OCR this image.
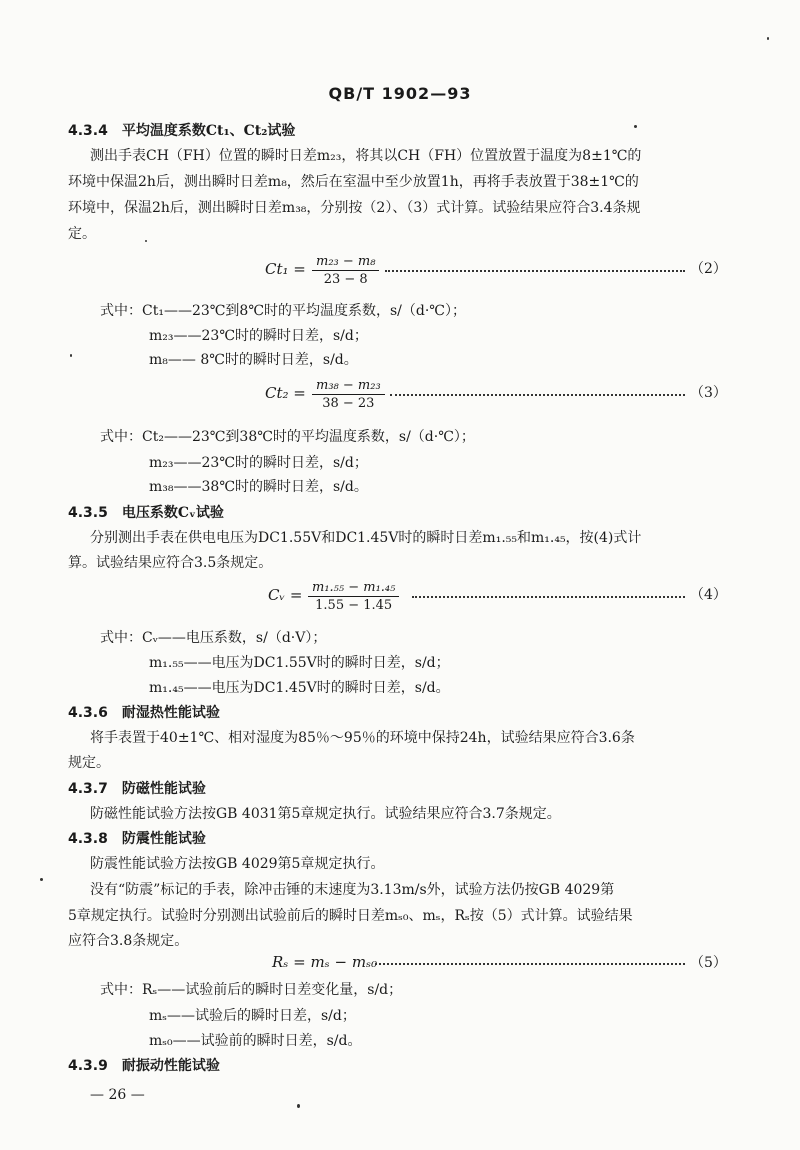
QB/T 1902—93
4.3.4 平均温度系数Ct₁、Ct₂试验
测出手表CH（FH）位置的瞬时日差m₂₃，将其以CH（FH）位置放置于温度为8±1℃的
环境中保温2h后，测出瞬时日差m₈，然后在室温中至少放置1h，再将手表放置于38±1℃的
环境中，保温2h后，测出瞬时日差m₃₈，分别按（2）、（3）式计算。试验结果应符合3.4条规
定。
$Ct_1 = \frac{\text{m₂₃ − m₈}}{23 - 8}$	（2）
式中：Ct₁——23℃到8℃时的平均温度系数，s/（d·℃）；
m₂₃——23℃时的瞬时日差，s/d；
m₈—— 8℃时的瞬时日差，s/d。
$Ct_2 = \frac{\text{m₃₈ − m₂₃}}{38 - 23}$	（3）
式中：Ct₂——23℃到38℃时的平均温度系数，s/（d·℃）；
m₂₃——23℃时的瞬时日差，s/d；
m₃₈——38℃时的瞬时日差，s/d。
4.3.5 电压系数Cᵥ试验
分别测出手表在供电电压为DC1.55V和DC1.45V时的瞬时日差m₁.₅₅和m₁.₄₅，按(4)式计
算。试验结果应符合3.5条规定。
Cᵥ = $\frac{\text{m₁.₅₅ − m₁.₄₅}}{1.55 - 1.45}$	（4）
式中：Cᵥ——电压系数，s/（d·V）；
m₁.₅₅——电压为DC1.55V时的瞬时日差，s/d；
m₁.₄₅——电压为DC1.45V时的瞬时日差，s/d。
4.3.6 耐湿热性能试验
将手表置于40±1℃、相对湿度为85％～95％的环境中保持24h，试验结果应符合3.6条
规定。
4.3.7 防磁性能试验
防磁性能试验方法按GB 4031第5章规定执行。试验结果应符合3.7条规定。
4.3.8 防震性能试验
防震性能试验方法按GB 4029第5章规定执行。
没有“防震”标记的手表，除冲击锤的末速度为3.13m/s外，试验方法仍按GB 4029第
5章规定执行。试验时分别测出试验前后的瞬时日差mₛ₀、mₛ，Rₛ按（5）式计算。试验结果
应符合3.8条规定。
Rₛ = mₛ − mₛ₀	（5）
式中：Rₛ——试验前后的瞬时日差变化量，s/d；
mₛ——试验后的瞬时日差，s/d；
mₛ₀——试验前的瞬时日差，s/d。
4.3.9 耐振动性能试验
— 26 —
